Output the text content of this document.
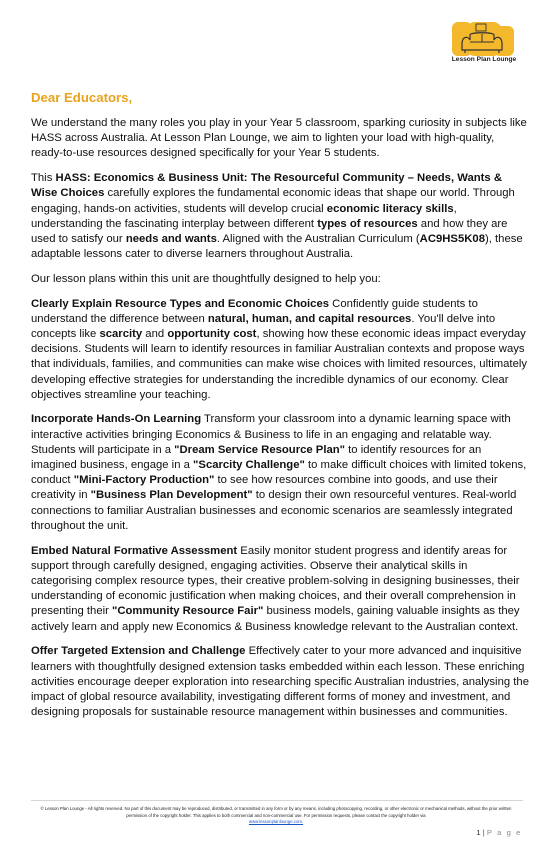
Lesson Plan Lounge
Dear Educators,

We understand the many roles you play in your Year 5 classroom, sparking curiosity in subjects like HASS across Australia. At Lesson Plan Lounge, we aim to lighten your load with high-quality, ready-to-use resources designed specifically for your Year 5 students.

This HASS: Economics & Business Unit: The Resourceful Community – Needs, Wants & Wise Choices carefully explores the fundamental economic ideas that shape our world. Through engaging, hands-on activities, students will develop crucial economic literacy skills, understanding the fascinating interplay between different types of resources and how they are used to satisfy our needs and wants. Aligned with the Australian Curriculum (AC9HS5K08), these adaptable lessons cater to diverse learners throughout Australia.

Our lesson plans within this unit are thoughtfully designed to help you:

Clearly Explain Resource Types and Economic Choices Confidently guide students to understand the difference between natural, human, and capital resources. You'll delve into concepts like scarcity and opportunity cost, showing how these economic ideas impact everyday decisions. Students will learn to identify resources in familiar Australian contexts and propose ways that individuals, families, and communities can make wise choices with limited resources, ultimately developing effective strategies for understanding the incredible dynamics of our economy. Clear objectives streamline your teaching.

Incorporate Hands-On Learning Transform your classroom into a dynamic learning space with interactive activities bringing Economics & Business to life in an engaging and relatable way. Students will participate in a "Dream Service Resource Plan" to identify resources for an imagined business, engage in a "Scarcity Challenge" to make difficult choices with limited tokens, conduct "Mini-Factory Production" to see how resources combine into goods, and use their creativity in "Business Plan Development" to design their own resourceful ventures. Real-world connections to familiar Australian businesses and economic scenarios are seamlessly integrated throughout the unit.

Embed Natural Formative Assessment Easily monitor student progress and identify areas for support through carefully designed, engaging activities. Observe their analytical skills in categorising complex resource types, their creative problem-solving in designing businesses, their understanding of economic justification when making choices, and their overall comprehension in presenting their "Community Resource Fair" business models, gaining valuable insights as they actively learn and apply new Economics & Business knowledge relevant to the Australian context.

Offer Targeted Extension and Challenge Effectively cater to your more advanced and inquisitive learners with thoughtfully designed extension tasks embedded within each lesson. These enriching activities encourage deeper exploration into researching specific Australian industries, analysing the impact of global resource availability, investigating different forms of money and investment, and designing proposals for sustainable resource management within businesses and communities.

© Lesson Plan Lounge - All rights reserved. No part of this document may be reproduced, distributed, or transmitted in any form or by any means, including photocopying, recording, or other electronic or mechanical methods, without the prior written permission of the copyright holder. This applies to both commercial and non-commercial use. For permission requests, please contact the copyright holder via
www.lessonplanlounge.com.
1 | P a g e
